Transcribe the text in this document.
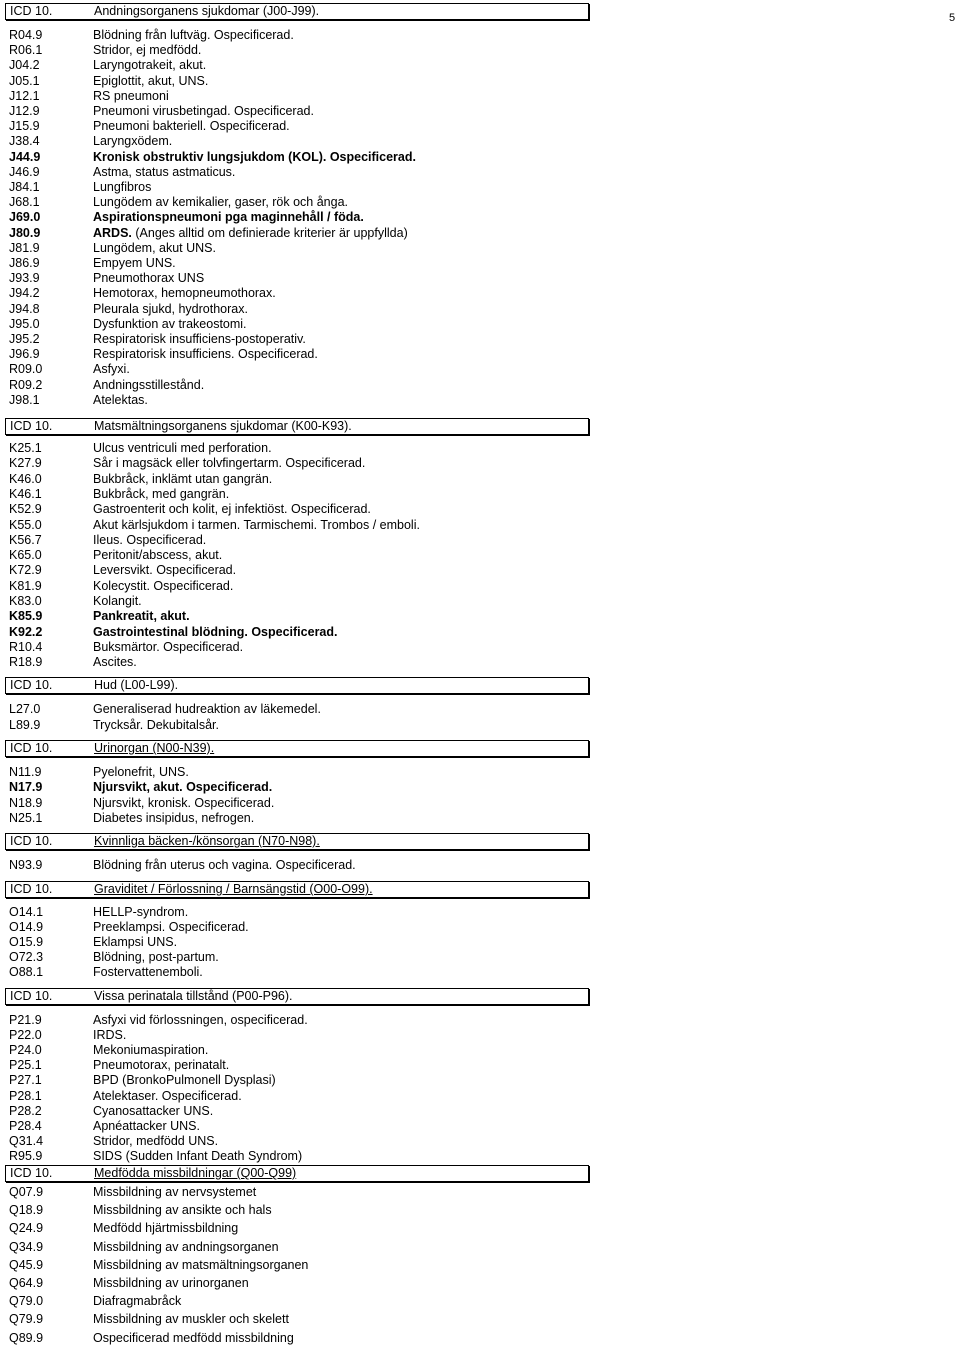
5
ICD 10.	Andningsorganens sjukdomar (J00-J99).
R04.9	Blödning från luftväg. Ospecificerad.
R06.1	Stridor, ej medfödd.
J04.2	Laryngotrakeit, akut.
J05.1	Epiglottit, akut, UNS.
J12.1	RS pneumoni
J12.9	Pneumoni virusbetingad. Ospecificerad.
J15.9	Pneumoni bakteriell. Ospecificerad.
J38.4	Laryngxödem.
J44.9	Kronisk obstruktiv lungsjukdom (KOL). Ospecificerad.
J46.9	Astma, status astmaticus.
J84.1	Lungfibros
J68.1	Lungödem av kemikalier, gaser, rök och ånga.
J69.0	Aspirationspneumoni pga maginnehåll / föda.
J80.9	ARDS. (Anges alltid om definierade kriterier är uppfyllda)
J81.9	Lungödem, akut UNS.
J86.9	Empyem UNS.
J93.9	Pneumothorax UNS
J94.2	Hemotorax, hemopneumothorax.
J94.8	Pleurala sjukd, hydrothorax.
J95.0	Dysfunktion av trakeostomi.
J95.2	Respiratorisk insufficiens-postoperativ.
J96.9	Respiratorisk insufficiens. Ospecificerad.
R09.0	Asfyxi.
R09.2	Andningsstillestånd.
J98.1	Atelektas.
ICD 10.	Matsmältningsorganens sjukdomar (K00-K93).
K25.1	Ulcus ventriculi med perforation.
K27.9	Sår i magsäck eller tolvfingertarm. Ospecificerad.
K46.0	Bukbråck, inklämt utan gangrän.
K46.1	Bukbråck, med gangrän.
K52.9	Gastroenterit och kolit, ej infektiöst. Ospecificerad.
K55.0	Akut kärlsjukdom i tarmen. Tarmischemi. Trombos / emboli.
K56.7	Ileus. Ospecificerad.
K65.0	Peritonit/abscess, akut.
K72.9	Leversvikt. Ospecificerad.
K81.9	Kolecystit. Ospecificerad.
K83.0	Kolangit.
K85.9	Pankreatit, akut.
K92.2	Gastrointestinal blödning. Ospecificerad.
R10.4	Buksmärtor. Ospecificerad.
R18.9	Ascites.
ICD 10.	Hud (L00-L99).
L27.0	Generaliserad hudreaktion av läkemedel.
L89.9	Trycksår. Dekubitalsår.
ICD 10.	Urinorgan (N00-N39).
N11.9	Pyelonefrit, UNS.
N17.9	Njursvikt, akut. Ospecificerad.
N18.9	Njursvikt, kronisk. Ospecificerad.
N25.1	Diabetes insipidus, nefrogen.
ICD 10.	Kvinnliga bäcken-/könsorgan (N70-N98).
N93.9	Blödning från uterus och vagina. Ospecificerad.
ICD 10.	Graviditet / Förlossning / Barnsängstid (O00-O99).
O14.1	HELLP-syndrom.
O14.9	Preeklampsi. Ospecificerad.
O15.9	Eklampsi UNS.
O72.3	Blödning, post-partum.
O88.1	Fostervattenemboli.
ICD 10.	Vissa perinatala tillstånd (P00-P96).
P21.9	Asfyxi vid förlossningen, ospecificerad.
P22.0	IRDS.
P24.0	Mekoniumaspiration.
P25.1	Pneumotorax, perinatalt.
P27.1	BPD (BronkoPulmonell Dysplasi)
P28.1	Atelektaser. Ospecificerad.
P28.2	Cyanosattacker UNS.
P28.4	Apnéattacker UNS.
Q31.4	Stridor, medfödd UNS.
R95.9	SIDS (Sudden Infant Death Syndrom)
ICD 10.	Medfödda missbildningar (Q00-Q99)
Q07.9	Missbildning av nervsystemet
Q18.9	Missbildning av ansikte och hals
Q24.9	Medfödd hjärtmissbildning
Q34.9	Missbildning av andningsorganen
Q45.9	Missbildning av matsmältningsorganen
Q64.9	Missbildning av urinorganen
Q79.0	Diafragmabråck
Q79.9	Missbildning av muskler och skelett
Q89.9	Ospecificerad medfödd missbildning
